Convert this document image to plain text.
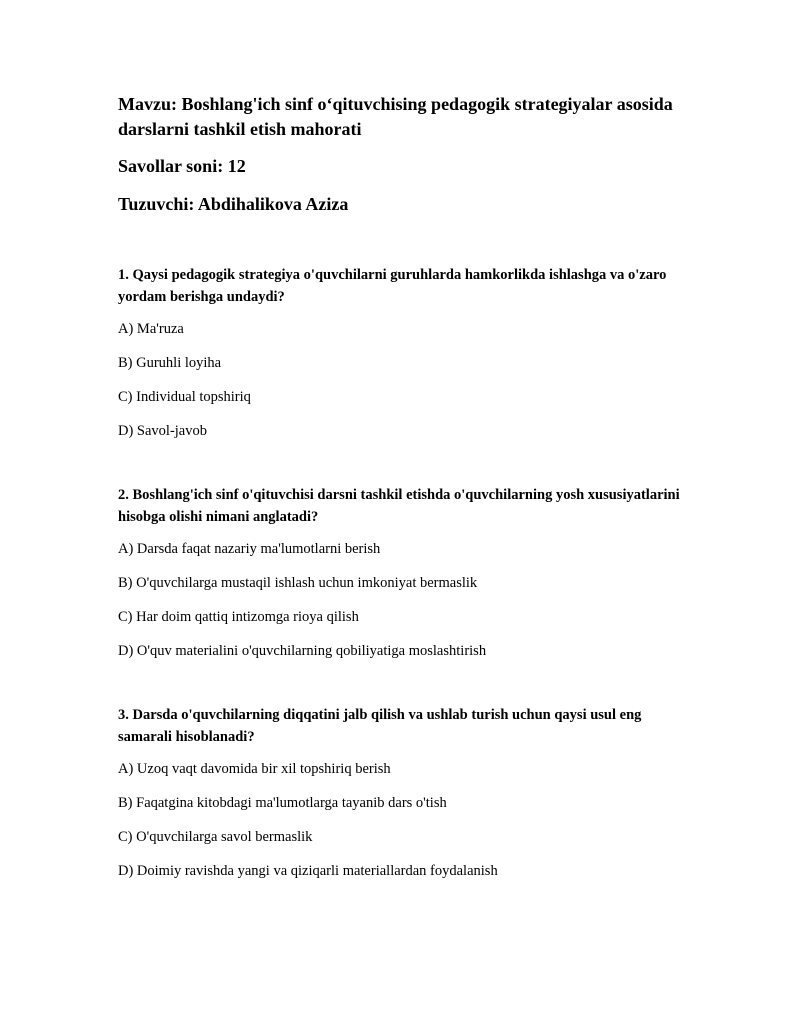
Mavzu: Boshlang'ich sinf o‘qituvchising pedagogik strategiyalar asosida darslarni tashkil etish mahorati

Savollar soni: 12

Tuzuvchi: Abdihalikova Aziza

1. Qaysi pedagogik strategiya o'quvchilarni guruhlarda hamkorlikda ishlashga va o'zaro yordam berishga undaydi?

A) Ma'ruza

B) Guruhli loyiha

C) Individual topshiriq

D) Savol-javob

2. Boshlang'ich sinf o'qituvchisi darsni tashkil etishda o'quvchilarning yosh xususiyatlarini hisobga olishi nimani anglatadi?

A) Darsda faqat nazariy ma'lumotlarni berish

B) O'quvchilarga mustaqil ishlash uchun imkoniyat bermaslik

C) Har doim qattiq intizomga rioya qilish

D) O'quv materialini o'quvchilarning qobiliyatiga moslashtirish

3. Darsda o'quvchilarning diqqatini jalb qilish va ushlab turish uchun qaysi usul eng samarali hisoblanadi?

A) Uzoq vaqt davomida bir xil topshiriq berish

B) Faqatgina kitobdagi ma'lumotlarga tayanib dars o'tish

C) O'quvchilarga savol bermaslik

D) Doimiy ravishda yangi va qiziqarli materiallardan foydalanish
